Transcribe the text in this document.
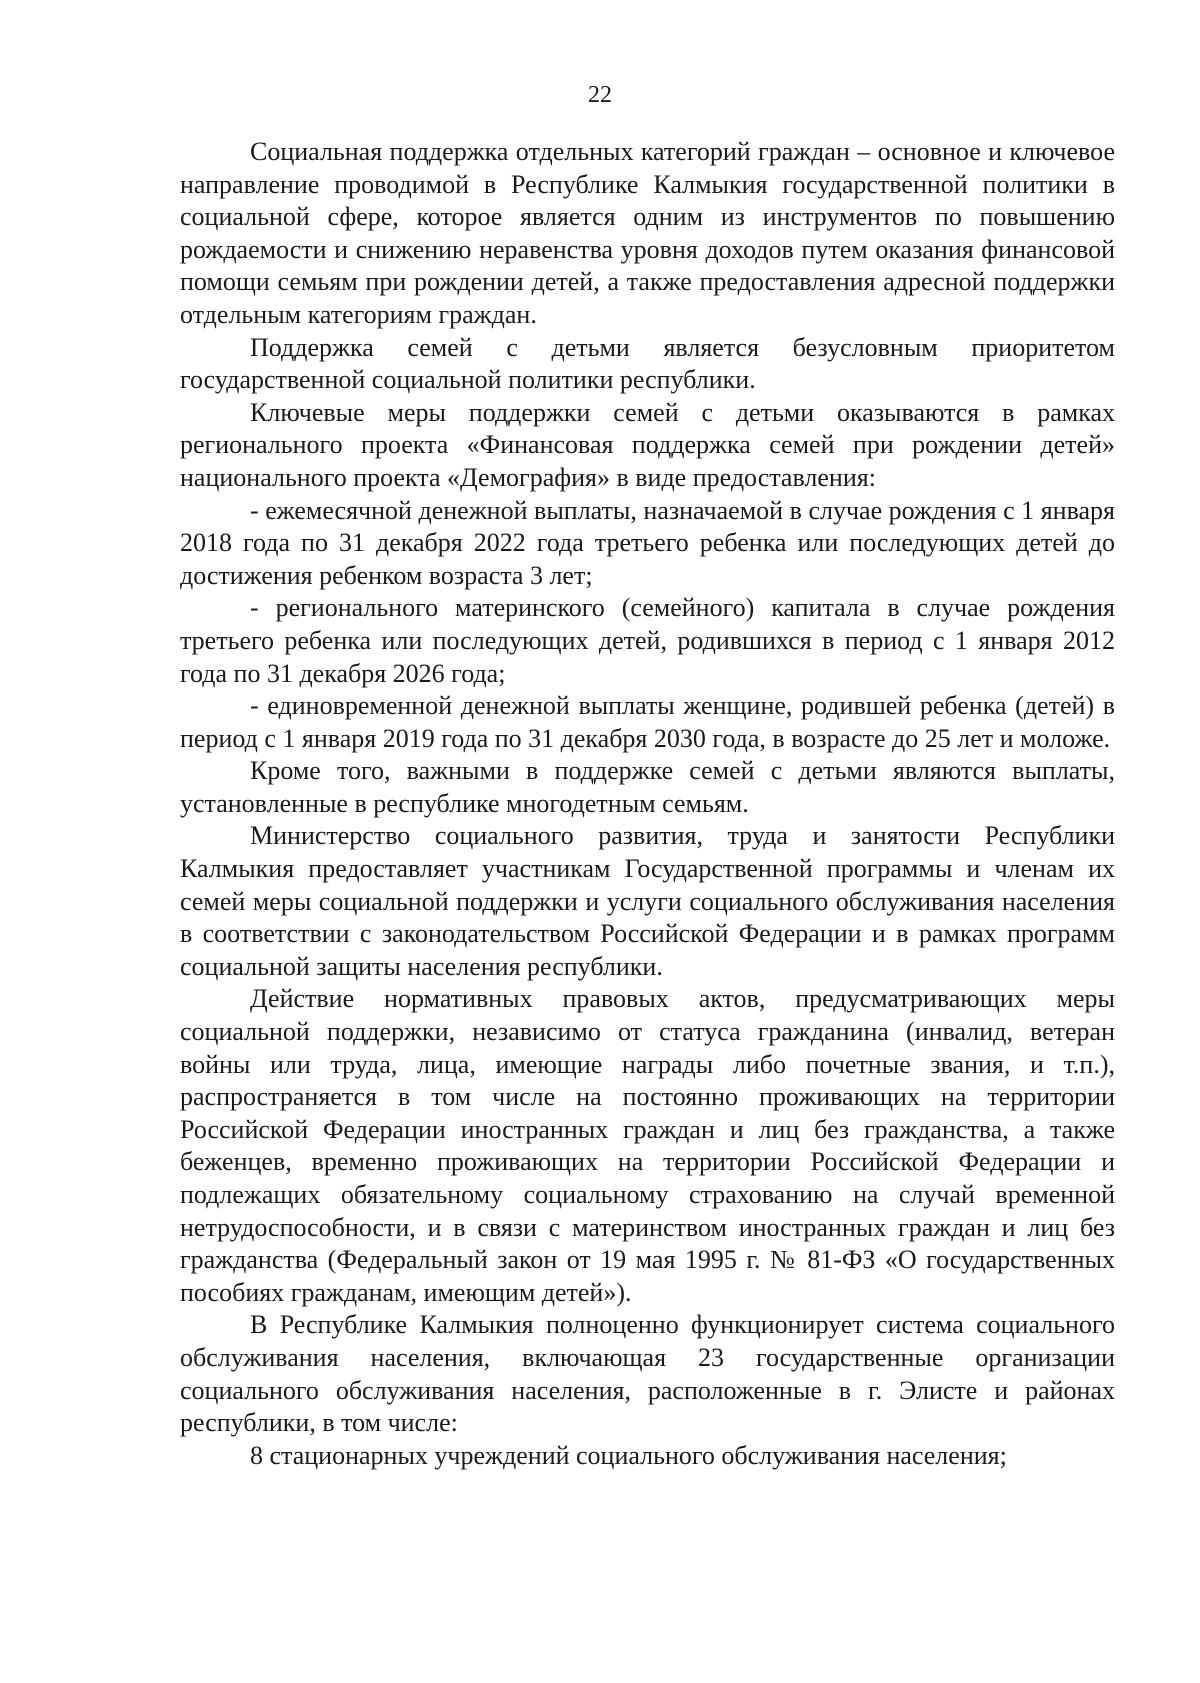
22

Социальная поддержка отдельных категорий граждан – основное и ключевое направление проводимой в Республике Калмыкия государственной политики в социальной сфере, которое является одним из инструментов по повышению рождаемости и снижению неравенства уровня доходов путем оказания финансовой помощи семьям при рождении детей, а также предоставления адресной поддержки отдельным категориям граждан.

Поддержка семей с детьми является безусловным приоритетом государственной социальной политики республики.

Ключевые меры поддержки семей с детьми оказываются в рамках регионального проекта «Финансовая поддержка семей при рождении детей» национального проекта «Демография» в виде предоставления:

- ежемесячной денежной выплаты, назначаемой в случае рождения с 1 января 2018 года по 31 декабря 2022 года третьего ребенка или последующих детей до достижения ребенком возраста 3 лет;

- регионального материнского (семейного) капитала в случае рождения третьего ребенка или последующих детей, родившихся в период с 1 января 2012 года по 31 декабря 2026 года;

- единовременной денежной выплаты женщине, родившей ребенка (детей) в период с 1 января 2019 года по 31 декабря 2030 года, в возрасте до 25 лет и моложе.

Кроме того, важными в поддержке семей с детьми являются выплаты, установленные в республике многодетным семьям.

Министерство социального развития, труда и занятости Республики Калмыкия предоставляет участникам Государственной программы и членам их семей меры социальной поддержки и услуги социального обслуживания населения в соответствии с законодательством Российской Федерации и в рамках программ социальной защиты населения республики.

Действие нормативных правовых актов, предусматривающих меры социальной поддержки, независимо от статуса гражданина (инвалид, ветеран войны или труда, лица, имеющие награды либо почетные звания, и т.п.), распространяется в том числе на постоянно проживающих на территории Российской Федерации иностранных граждан и лиц без гражданства, а также беженцев, временно проживающих на территории Российской Федерации и подлежащих обязательному социальному страхованию на случай временной нетрудоспособности, и в связи с материнством иностранных граждан и лиц без гражданства (Федеральный закон от 19 мая 1995 г. № 81-ФЗ «О государственных пособиях гражданам, имеющим детей»).

В Республике Калмыкия полноценно функционирует система социального обслуживания населения, включающая 23 государственные организации социального обслуживания населения, расположенные в г. Элисте и районах республики, в том числе:

8 стационарных учреждений социального обслуживания населения;
